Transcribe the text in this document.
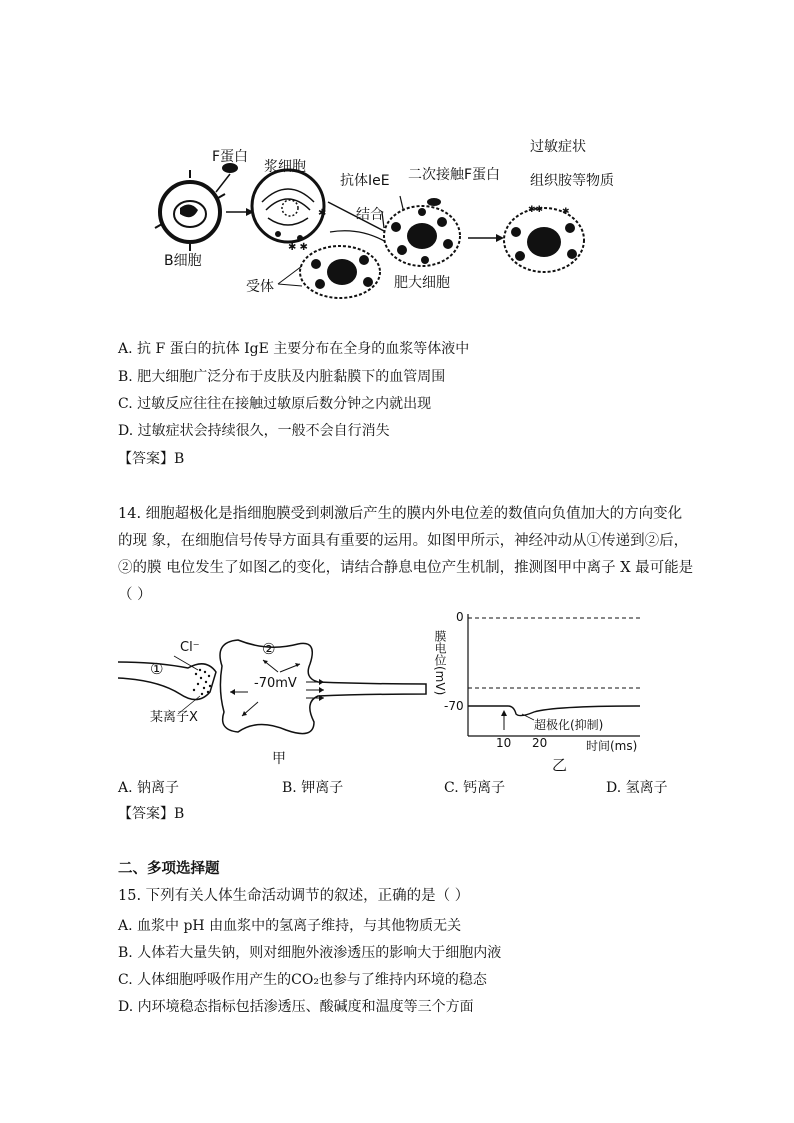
✱ ✱
✱	✱✱ ✱
F蛋白
浆细胞
抗体IeE 二次接触F蛋白
过敏症状
组织胺等物质
结合
B细胞
受体	肥大细胞
A. 抗 F 蛋白的抗体 IgE 主要分布在全身的血浆等体液中
B. 肥大细胞广泛分布于皮肤及内脏黏膜下的血管周围
C. 过敏反应往往在接触过敏原后数分钟之内就出现
D. 过敏症状会持续很久，一般不会自行消失
【答案】B
14. 细胞超极化是指细胞膜受到刺激后产生的膜内外电位差的数值向负值加大的方向变化
的现 象，在细胞信号传导方面具有重要的运用。如图甲所示，神经冲动从①传递到②后，
②的膜 电位发生了如图乙的变化，请结合静息电位产生机制，推测图甲中离子 X 最可能是
（ ）
Cl⁻
①
②
-70mV
某离子X
甲
膜电位(mV)
0
-70
10 20	时间(ms)
超极化(抑制)
乙
A. 钠离子	B. 钾离子	C. 钙离子	D. 氢离子
【答案】B
二、多项选择题
15. 下列有关人体生命活动调节的叙述，正确的是（ ）
A. 血浆中 pH 由血浆中的氢离子维持，与其他物质无关
B. 人体若大量失钠，则对细胞外液渗透压的影响大于细胞内液
C. 人体细胞呼吸作用产生的CO₂也参与了维持内环境的稳态
D. 内环境稳态指标包括渗透压、酸碱度和温度等三个方面
